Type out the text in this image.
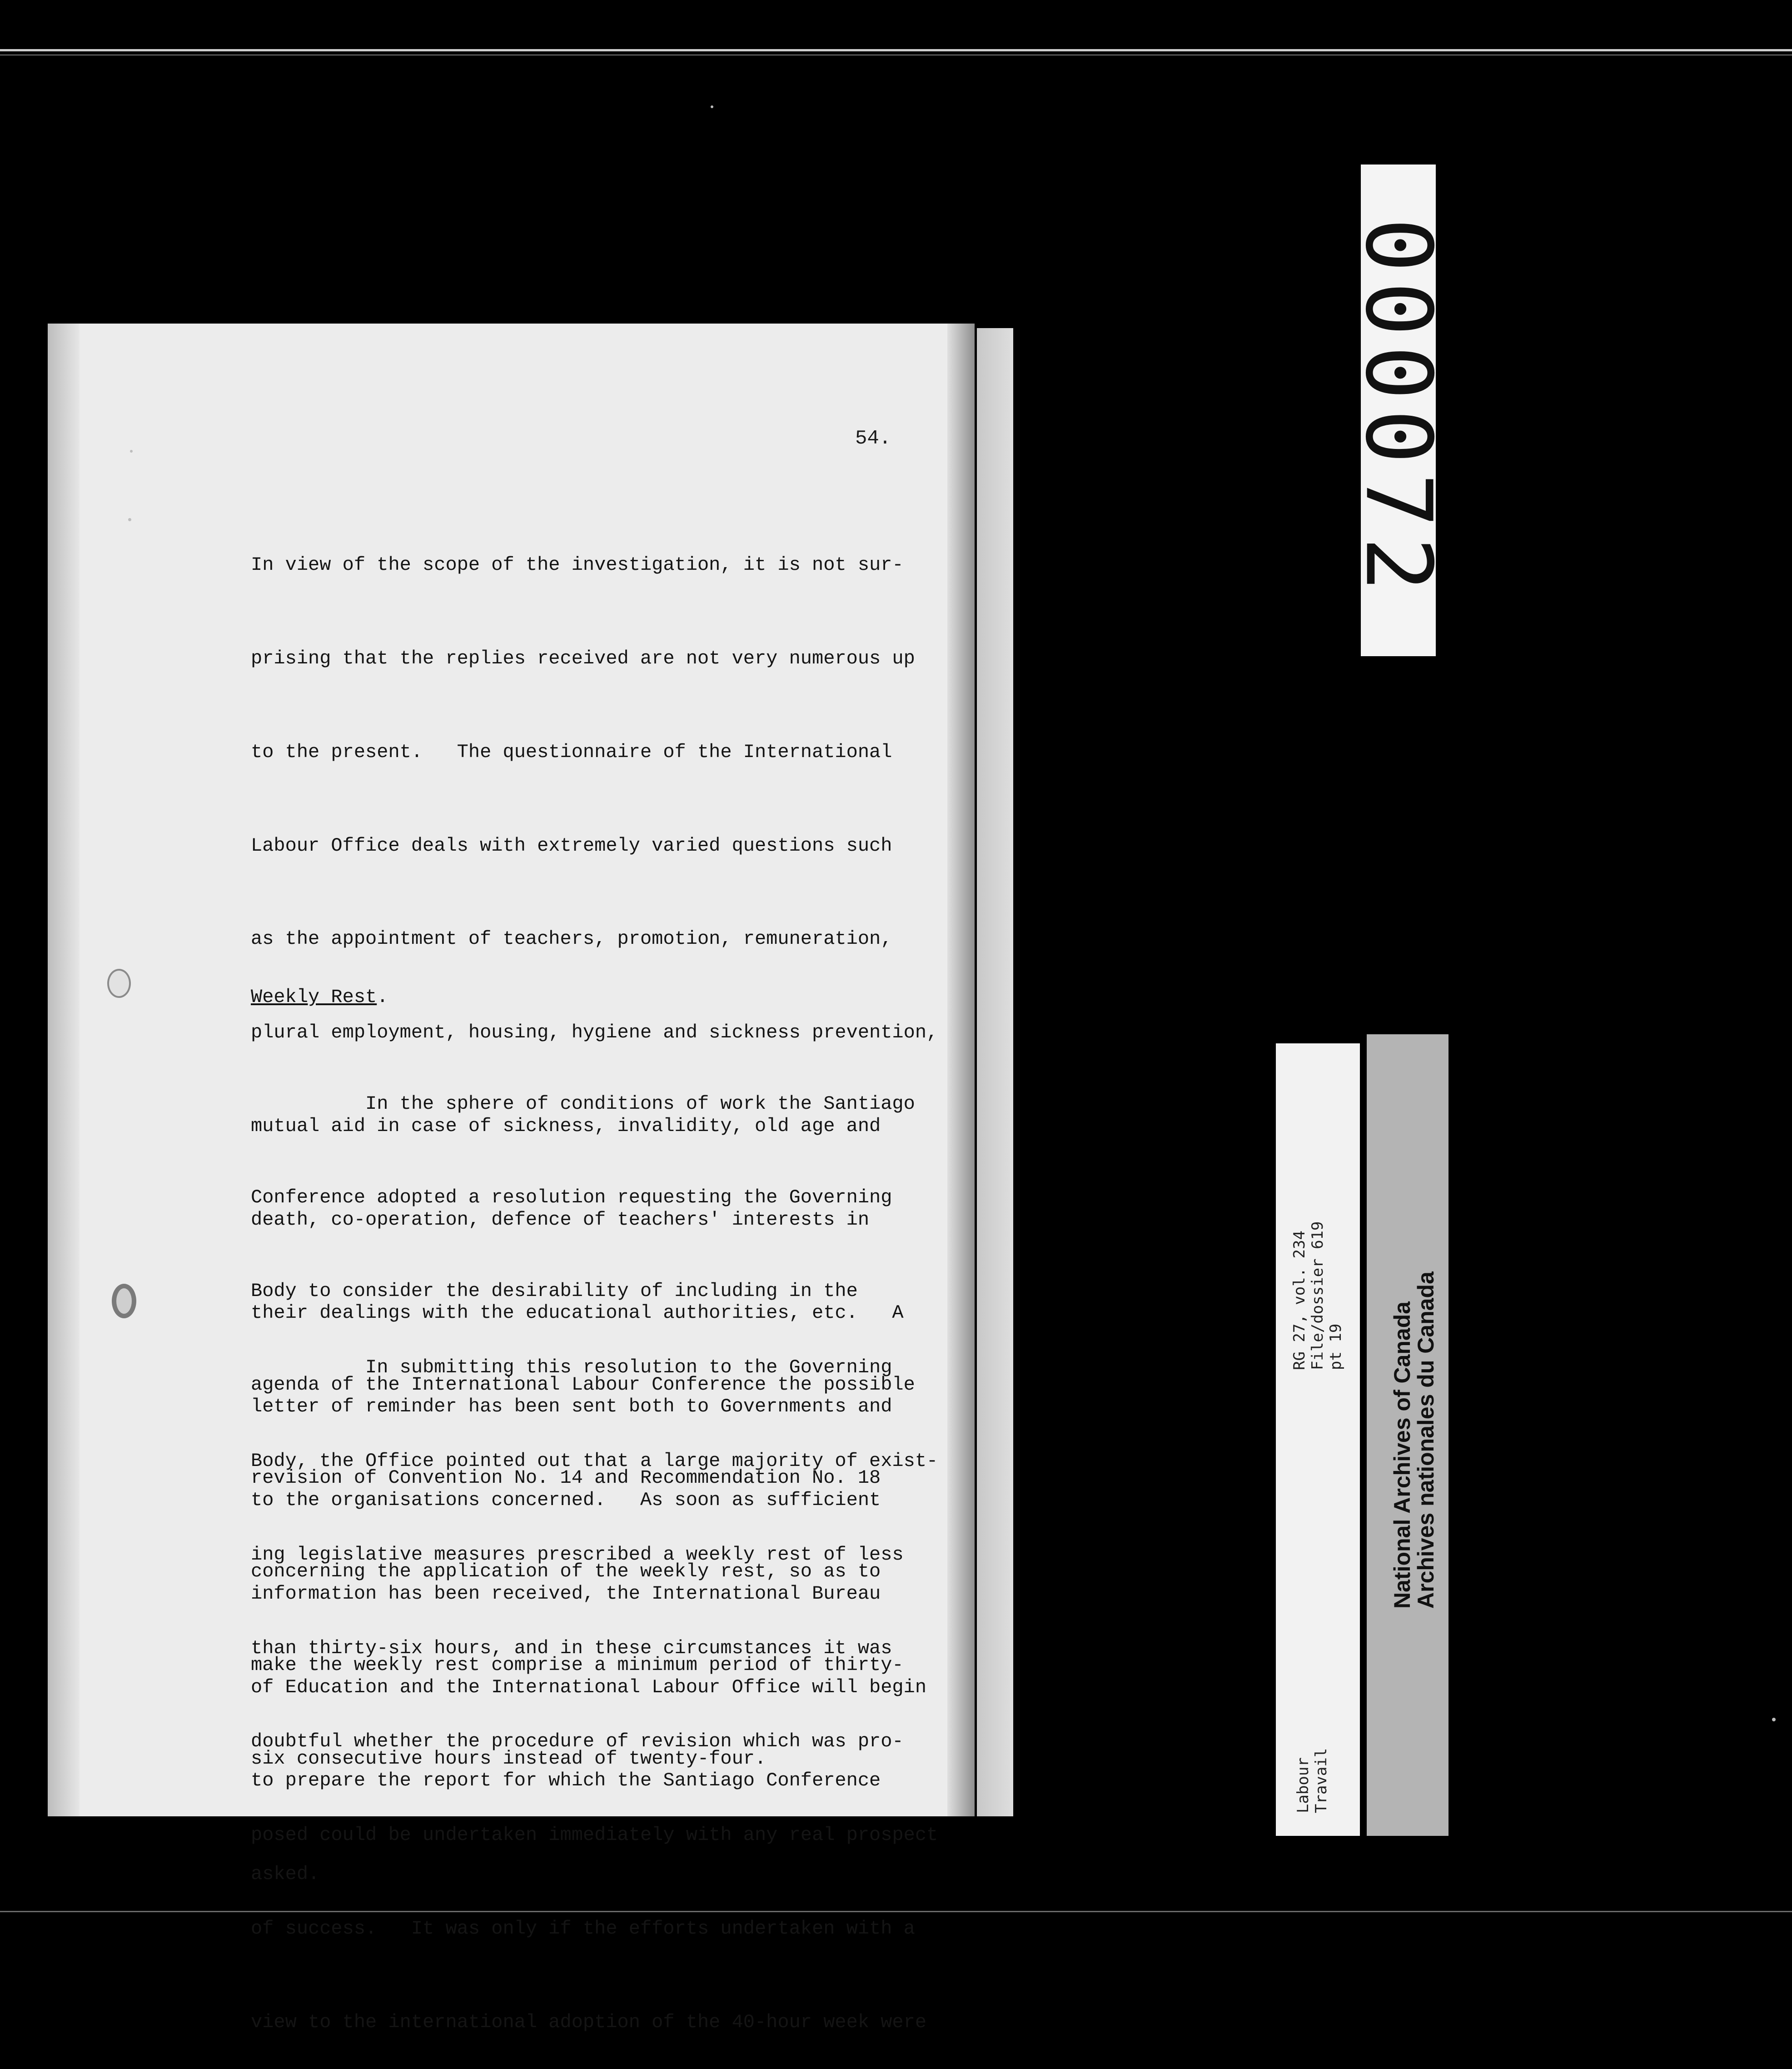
54.

In view of the scope of the investigation, it is not sur-

prising that the replies received are not very numerous up

to the present.   The questionnaire of the International

Labour Office deals with extremely varied questions such

as the appointment of teachers, promotion, remuneration,

plural employment, housing, hygiene and sickness prevention,

mutual aid in case of sickness, invalidity, old age and

death, co-operation, defence of teachers' interests in

their dealings with the educational authorities, etc.   A

letter of reminder has been sent both to Governments and

to the organisations concerned.   As soon as sufficient

information has been received, the International Bureau

of Education and the International Labour Office will begin

to prepare the report for which the Santiago Conference

asked.

Weekly Rest.

In the sphere of conditions of work the Santiago

Conference adopted a resolution requesting the Governing

Body to consider the desirability of including in the

agenda of the International Labour Conference the possible

revision of Convention No. 14 and Recommendation No. 18

concerning the application of the weekly rest, so as to

make the weekly rest comprise a minimum period of thirty-

six consecutive hours instead of twenty-four.

In submitting this resolution to the Governing

Body, the Office pointed out that a large majority of exist-

ing legislative measures prescribed a weekly rest of less

than thirty-six hours, and in these circumstances it was

doubtful whether the procedure of revision which was pro-

posed could be undertaken immediately with any real prospect

of success.   It was only if the efforts undertaken with a

view to the international adoption of the 40-hour week were

000072
RG 27, vol. 234 File/dossier 619 pt 19
Labour Travail
National Archives of Canada
Archives nationales du Canada
